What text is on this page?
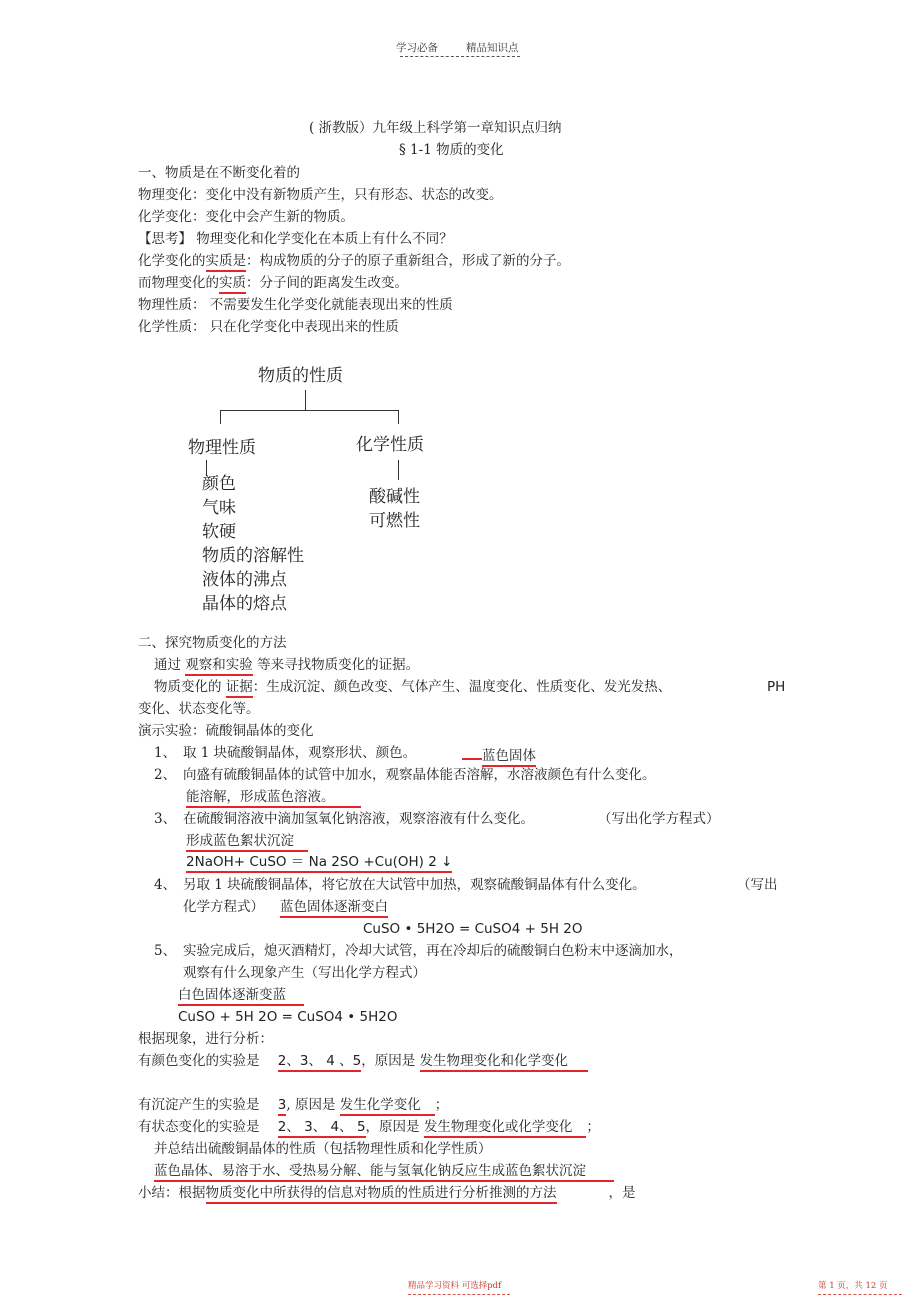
学习必备	精品知识点
( 浙教版）九年级上科学第一章知识点归纳
§ 1-1 物质的变化
一、物质是在不断变化着的
物理变化：变化中没有新物质产生，只有形态、状态的改变。
化学变化：变化中会产生新的物质。
【思考】 物理变化和化学变化在本质上有什么不同？
化学变化的实质是：构成物质的分子的原子重新组合，形成了新的分子。
而物理变化的实质：分子间的距离发生改变。
物理性质： 不需要发生化学变化就能表现出来的性质
化学性质： 只在化学变化中表现出来的性质
物质的性质
物理性质	化学性质
颜色
气味
软硬
物质的溶解性
液体的沸点
晶体的熔点
酸碱性
可燃性
二、探究物质变化的方法
通过 观察和实验 等来寻找物质变化的证据。
物质变化的 证据：生成沉淀、颜色改变、气体产生、温度变化、性质变化、发光发热、	PH
变化、状态变化等。
演示实验：硫酸铜晶体的变化
1、 取 1 块硫酸铜晶体，观察形状、颜色。	蓝色固体
2、 向盛有硫酸铜晶体的试管中加水，观察晶体能否溶解，水溶液颜色有什么变化。
能溶解，形成蓝色溶液。
3、 在硫酸铜溶液中滴加氢氧化钠溶液，观察溶液有什么变化。	（写出化学方程式）
形成蓝色絮状沉淀
2NaOH+ CuSO ＝ Na 2SO +Cu(OH) 2 ↓
4、 另取 1 块硫酸铜晶体，将它放在大试管中加热，观察硫酸铜晶体有什么变化。	（写出
化学方程式） 蓝色固体逐渐变白
CuSO • 5H2O = CuSO4 + 5H 2O
5、 实验完成后，熄灭酒精灯，冷却大试管，再在冷却后的硫酸铜白色粉末中逐滴加水，
观察有什么现象产生（写出化学方程式）
白色固体逐渐变蓝
CuSO + 5H 2O = CuSO4 • 5H2O
根据现象，进行分析：
有颜色变化的实验是 2、3、 4 、5，原因是 发生物理变化和化学变化
有沉淀产生的实验是 3, 原因是 发生化学变化 ；
有状态变化的实验是 2、 3、 4、 5，原因是 发生物理变化或化学变化 ；
并总结出硫酸铜晶体的性质（包括物理性质和化学性质）
蓝色晶体、易溶于水、受热易分解、能与氢氧化钠反应生成蓝色絮状沉淀
小结：根据物质变化中所获得的信息对物质的性质进行分析推测的方法	，是
精品学习资料 可选择pdf	第 1 页，共 12 页
